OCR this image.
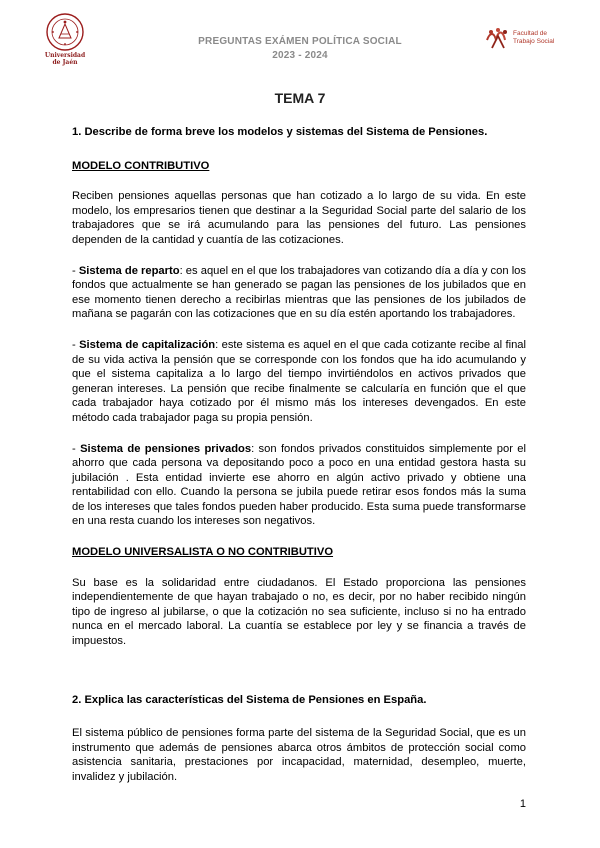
Universidad
de Jaén
PREGUNTAS EXÁMEN POLÍTICA SOCIAL
2023 - 2024
Facultad de
Trabajo Social
TEMA 7

1. Describe de forma breve los modelos y sistemas del Sistema de Pensiones.

MODELO CONTRIBUTIVO

Reciben pensiones aquellas personas que han cotizado a lo largo de su vida. En este modelo, los empresarios tienen que destinar a la Seguridad Social parte del salario de los trabajadores que se irá acumulando para las pensiones del futuro. Las pensiones dependen de la cantidad y cuantía de las cotizaciones.

- Sistema de reparto: es aquel en el que los trabajadores van cotizando día a día y con los fondos que actualmente se han generado se pagan las pensiones de los jubilados que en ese momento tienen derecho a recibirlas mientras que las pensiones de los jubilados de mañana se pagarán con las cotizaciones que en su día estén aportando los trabajadores.

- Sistema de capitalización: este sistema es aquel en el que cada cotizante recibe al final de su vida activa la pensión que se corresponde con los fondos que ha ido acumulando y que el sistema capitaliza a lo largo del tiempo invirtiéndolos en activos privados que generan intereses. La pensión que recibe finalmente se calcularía en función que el que cada trabajador haya cotizado por él mismo más los intereses devengados. En este método cada trabajador paga su propia pensión.

- Sistema de pensiones privados: son fondos privados constituidos simplemente por el ahorro que cada persona va depositando poco a poco en una entidad gestora hasta su jubilación . Esta entidad invierte ese ahorro en algún activo privado y obtiene una rentabilidad con ello. Cuando la persona se jubila puede retirar esos fondos más la suma de los intereses que tales fondos pueden haber producido. Esta suma puede transformarse en una resta cuando los intereses son negativos.

MODELO UNIVERSALISTA O NO CONTRIBUTIVO

Su base es la solidaridad entre ciudadanos. El Estado proporciona las pensiones independientemente de que hayan trabajado o no, es decir, por no haber recibido ningún tipo de ingreso al jubilarse, o que la cotización no sea suficiente, incluso si no ha entrado nunca en el mercado laboral. La cuantía se establece por ley y se financia a través de impuestos.

2. Explica las características del Sistema de Pensiones en España.

El sistema público de pensiones forma parte del sistema de la Seguridad Social, que es un instrumento que además de pensiones abarca otros ámbitos de protección social como asistencia sanitaria, prestaciones por incapacidad, maternidad, desempleo, muerte, invalidez y jubilación.

1
